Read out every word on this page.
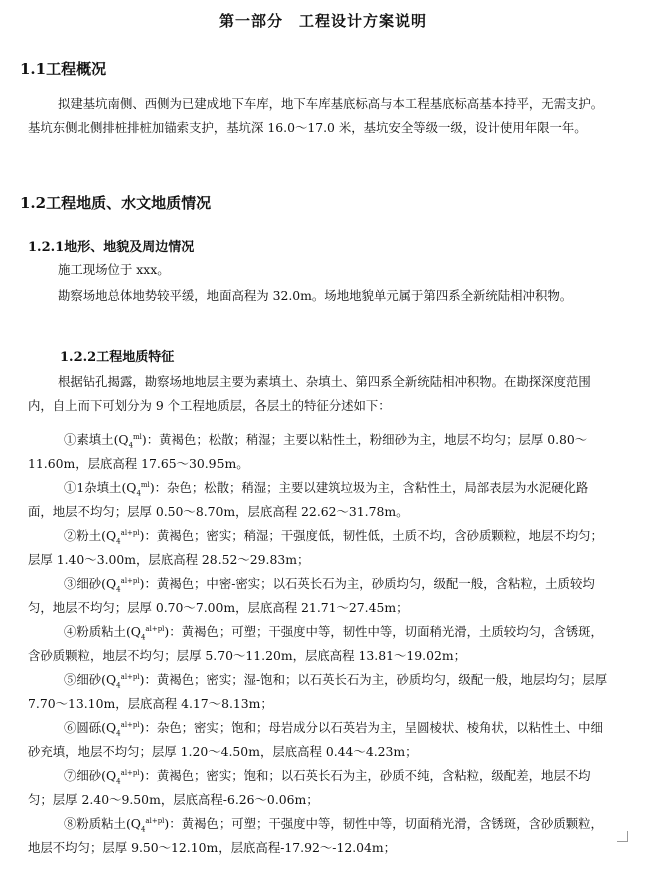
第一部分　工程设计方案说明
1.1工程概况
拟建基坑南侧、西侧为已建成地下车库，地下车库基底标高与本工程基底标高基本持平，无需支护。基坑东侧北侧排桩排桩加锚索支护，基坑深 16.0～17.0 米，基坑安全等级一级，设计使用年限一年。
1.2工程地质、水文地质情况
1.2.1地形、地貌及周边情况
施工现场位于 xxx。
勘察场地总体地势较平缓，地面高程为 32.0m。场地地貌单元属于第四系全新统陆相冲积物。
1.2.2工程地质特征
根据钻孔揭露，勘察场地地层主要为素填土、杂填土、第四系全新统陆相冲积物。在勘探深度范围内，自上而下可划分为 9 个工程地质层，各层土的特征分述如下：
①素填土$(Q_4^{ml})$：黄褐色；松散；稍湿；主要以粘性土，粉细砂为主，地层不均匀；层厚 0.80～11.60m，层底高程 17.65～30.95m。
①1杂填土$(Q_4^{ml})$：杂色；松散；稍湿；主要以建筑垃圾为主，含粘性土，局部表层为水泥硬化路面，地层不均匀；层厚 0.50～8.70m，层底高程 22.62～31.78m。
②粉土$(Q_4^{al+pl})$：黄褐色；密实；稍湿；干强度低，韧性低，土质不均，含砂质颗粒，地层不均匀；层厚 1.40～3.00m，层底高程 28.52～29.83m；
③细砂$(Q_4^{al+pl})$：黄褐色；中密-密实；以石英长石为主，砂质均匀，级配一般，含粘粒，土质较均匀，地层不均匀；层厚 0.70～7.00m，层底高程 21.71～27.45m；
④粉质粘土$(Q_4^{al+pl})$：黄褐色；可塑；干强度中等，韧性中等，切面稍光滑，土质较均匀，含锈斑，含砂质颗粒，地层不均匀；层厚 5.70～11.20m，层底高程 13.81～19.02m；
⑤细砂$(Q_4^{al+pl})$：黄褐色；密实；湿-饱和；以石英长石为主，砂质均匀，级配一般，地层均匀；层厚 7.70～13.10m，层底高程 4.17～8.13m；
⑥圆砾$(Q_4^{al+pl})$：杂色；密实；饱和；母岩成分以石英岩为主，呈圆棱状、棱角状，以粘性土、中细砂充填，地层不均匀；层厚 1.20～4.50m，层底高程 0.44～4.23m；
⑦细砂$(Q_4^{al+pl})$：黄褐色；密实；饱和；以石英长石为主，砂质不纯，含粘粒，级配差，地层不均匀；层厚 2.40～9.50m，层底高程-6.26～0.06m；
⑧粉质粘土$(Q_4^{al+pl})$：黄褐色；可塑；干强度中等，韧性中等，切面稍光滑，含锈斑，含砂质颗粒，地层不均匀；层厚 9.50～12.10m，层底高程-17.92～-12.04m；
